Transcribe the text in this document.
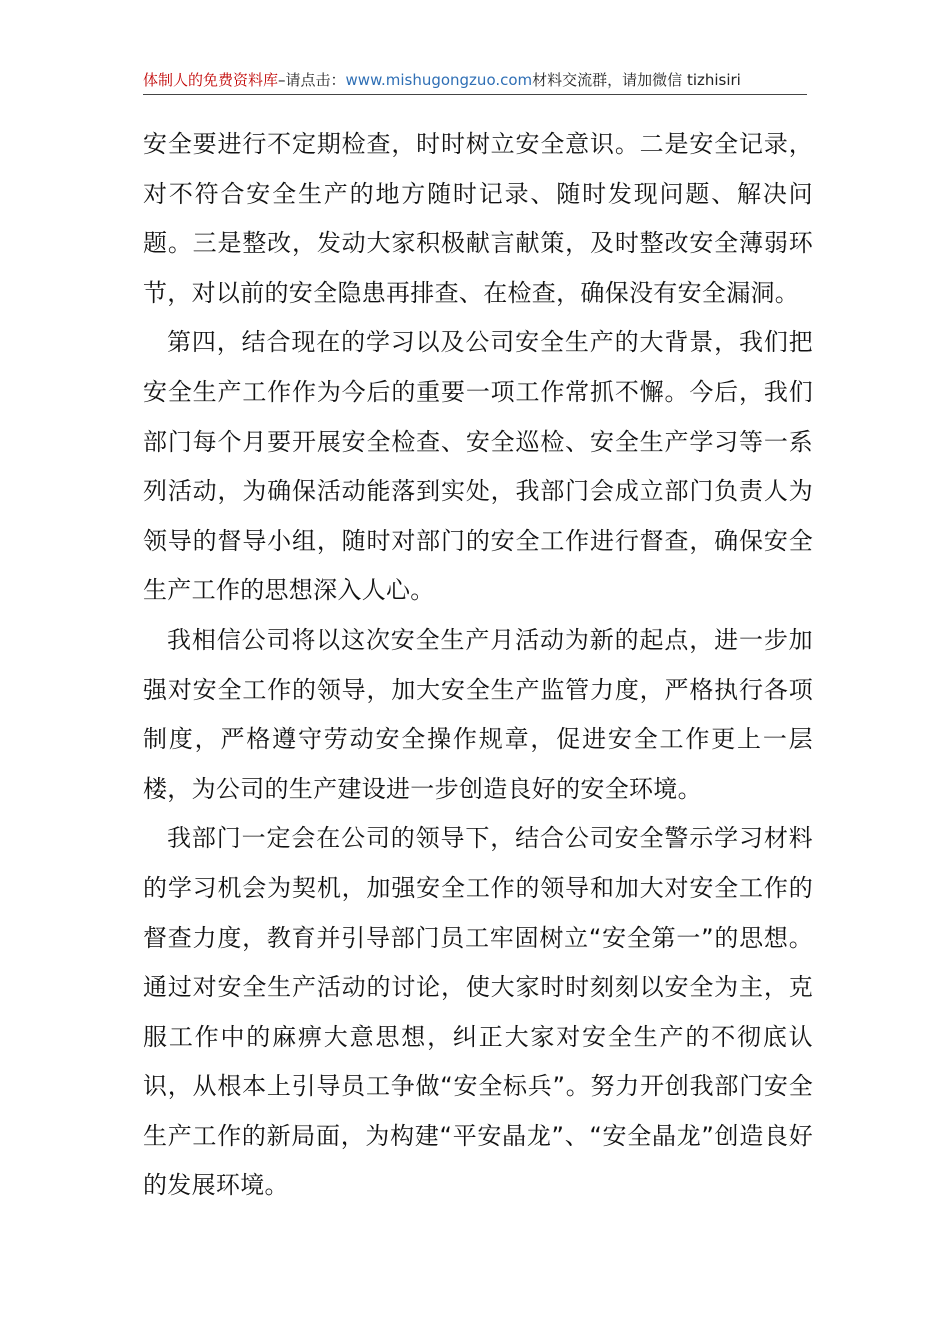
体制人的免费资料库–请点击：www.mishugongzuo.com材料交流群，请加微信 tizhisiri

安全要进行不定期检查，时时树立安全意识。二是安全记录，对不符合安全生产的地方随时记录、随时发现问题、解决问题。三是整改，发动大家积极献言献策，及时整改安全薄弱环节，对以前的安全隐患再排查、在检查，确保没有安全漏洞。

第四，结合现在的学习以及公司安全生产的大背景，我们把安全生产工作作为今后的重要一项工作常抓不懈。今后，我们部门每个月要开展安全检查、安全巡检、安全生产学习等一系列活动，为确保活动能落到实处，我部门会成立部门负责人为领导的督导小组，随时对部门的安全工作进行督查，确保安全生产工作的思想深入人心。

我相信公司将以这次安全生产月活动为新的起点，进一步加强对安全工作的领导，加大安全生产监管力度，严格执行各项制度，严格遵守劳动安全操作规章，促进安全工作更上一层楼，为公司的生产建设进一步创造良好的安全环境。

我部门一定会在公司的领导下，结合公司安全警示学习材料的学习机会为契机，加强安全工作的领导和加大对安全工作的督查力度，教育并引导部门员工牢固树立“安全第一”的思想。通过对安全生产活动的讨论，使大家时时刻刻以安全为主，克服工作中的麻痹大意思想，纠正大家对安全生产的不彻底认识，从根本上引导员工争做“安全标兵”。努力开创我部门安全生产工作的新局面，为构建“平安晶龙”、“安全晶龙”创造良好的发展环境。
